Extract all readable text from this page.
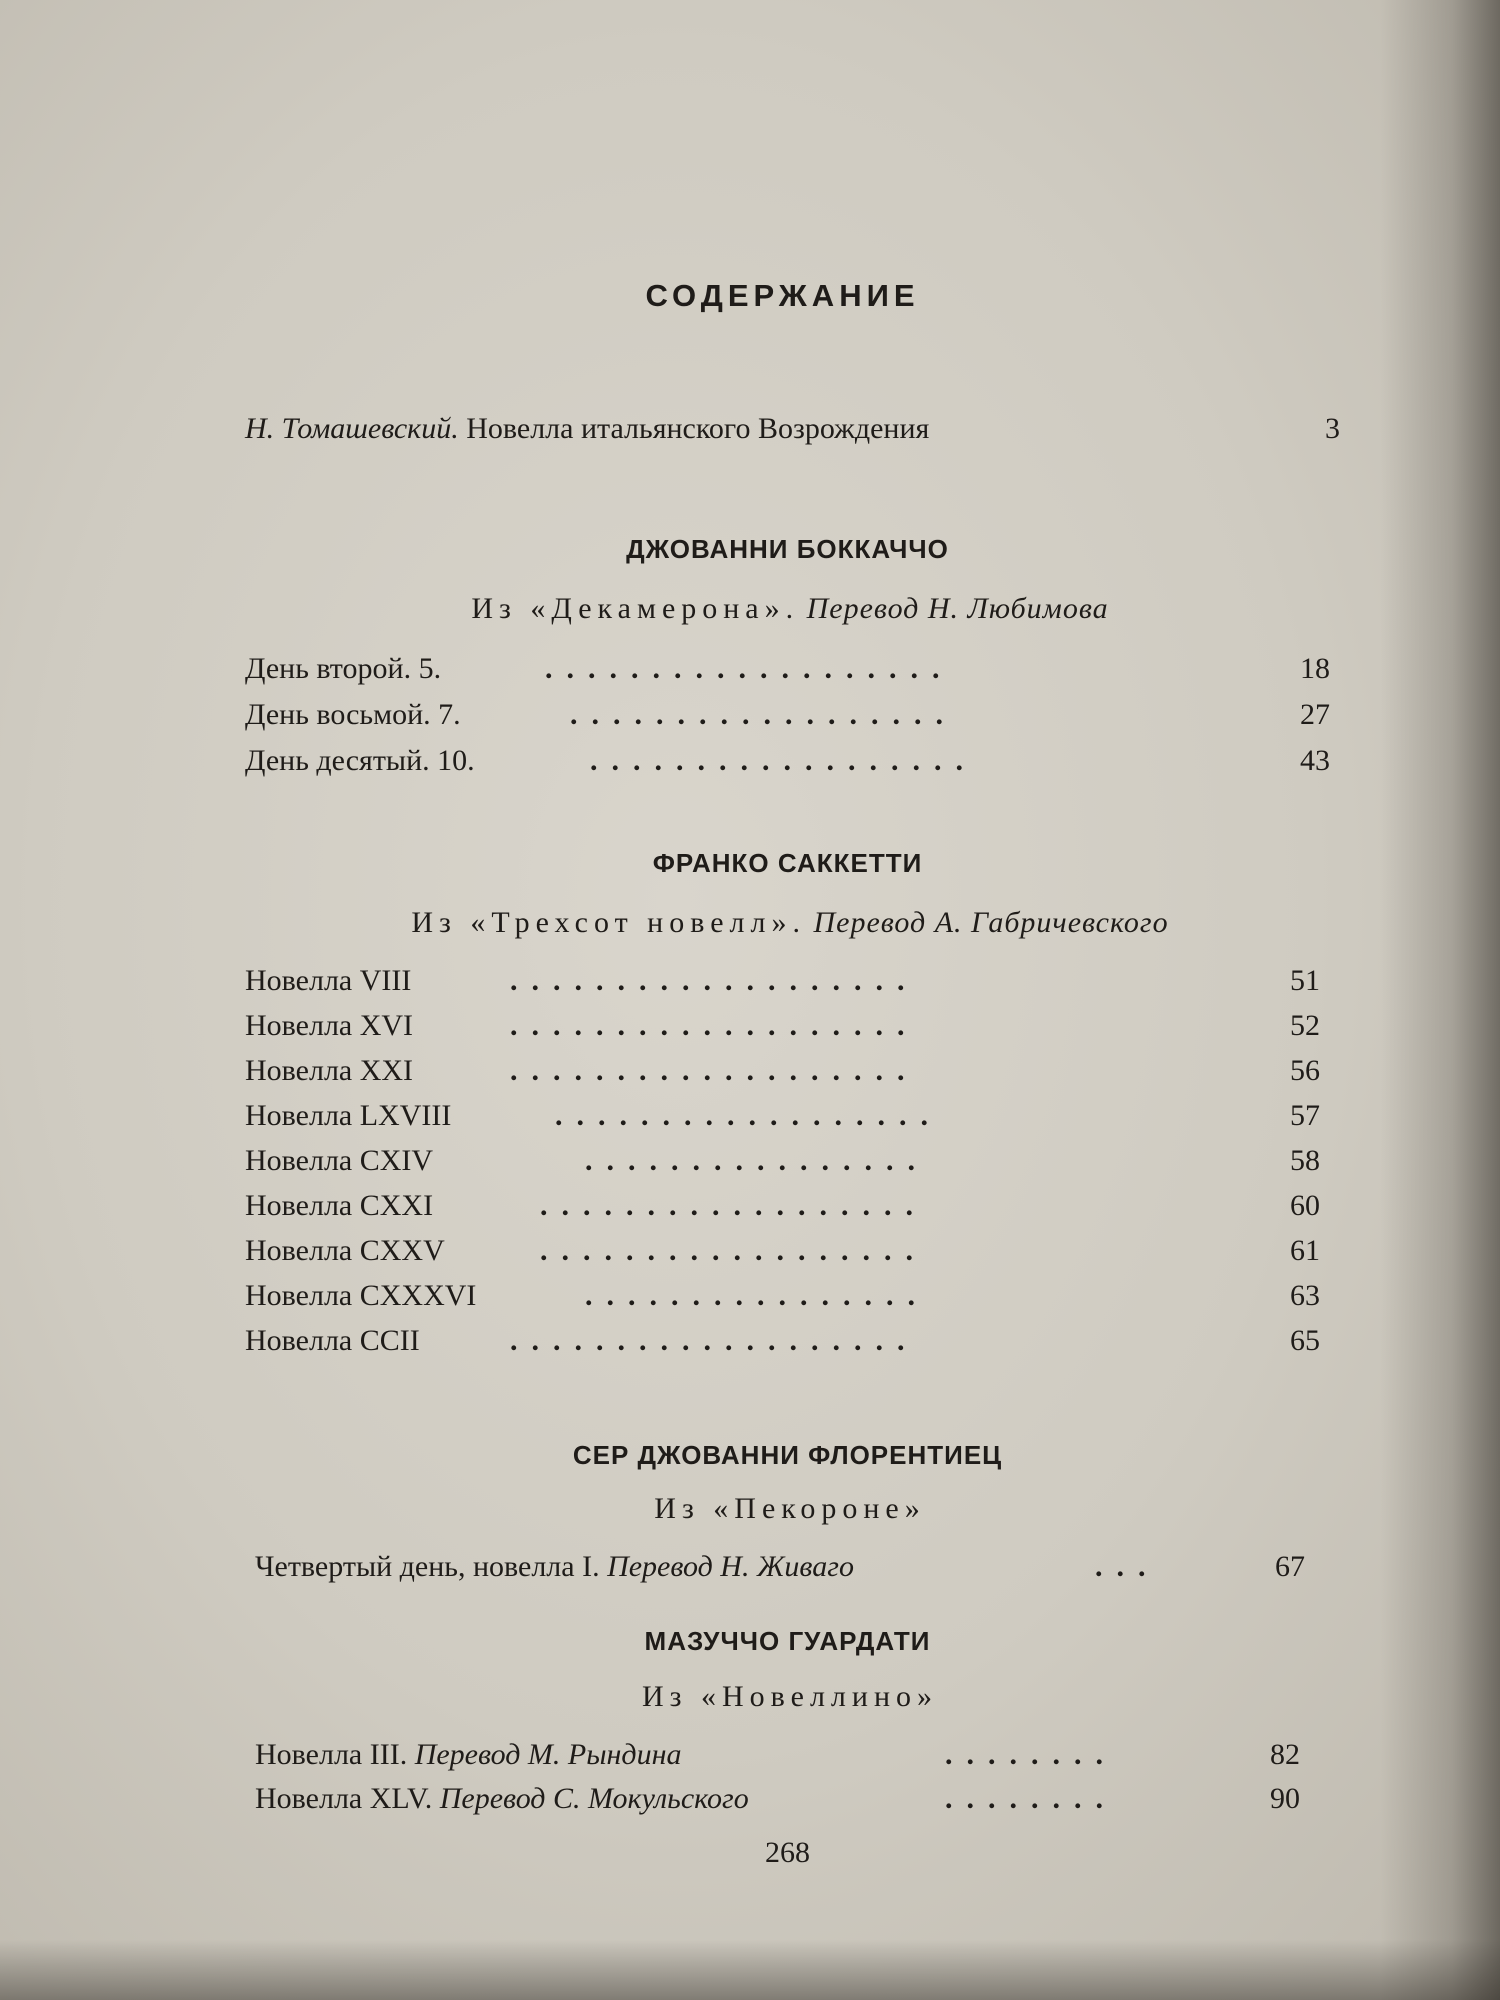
СОДЕРЖАНИЕ
Н. Томашевский. Новелла итальянского Возрождения	3
ДЖОВАННИ БОККАЧЧО
Из «Декамерона». Перевод Н. Любимова
День второй. 5.	...................	18
День восьмой. 7.	..................	27
День десятый. 10.	..................	43
ФРАНКО САККЕТТИ
Из «Трехсот новелл». Перевод А. Габричевского
Новелла VIII	...................	51
Новелла XVI	...................	52
Новелла XXI	...................	56
Новелла LXVIII	..................	57
Новелла CXIV	................	58
Новелла CXXI	..................	60
Новелла CXXV	..................	61
Новелла CXXXVI	................	63
Новелла CCII	...................	65
СЕР ДЖОВАННИ ФЛОРЕНТИЕЦ
Из «Пекороне»
Четвертый день, новелла I. Перевод Н. Живаго	...	67
МАЗУЧЧО ГУАРДАТИ
Из «Новеллино»
Новелла III. Перевод М. Рындина	........	82
Новелла XLV. Перевод С. Мокульского	........	90
268
